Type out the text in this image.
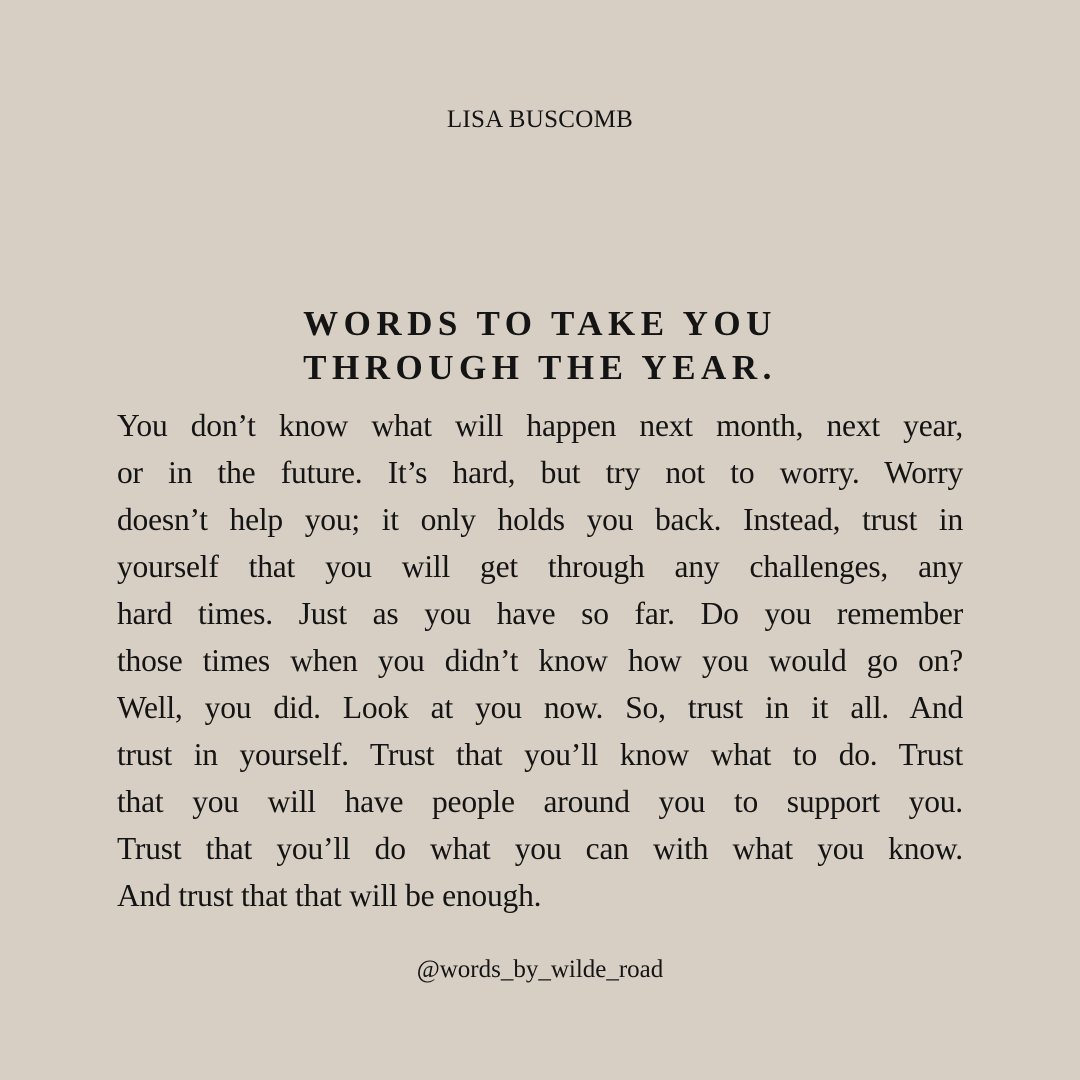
LISA BUSCOMB
WORDS TO TAKE YOU
THROUGH THE YEAR.
You don’t know what will happen next month, next year,
or in the future. It’s hard, but try not to worry. Worry
doesn’t help you; it only holds you back. Instead, trust in
yourself that you will get through any challenges, any
hard times. Just as you have so far. Do you remember
those times when you didn’t know how you would go on?
Well, you did. Look at you now. So, trust in it all. And
trust in yourself. Trust that you’ll know what to do. Trust
that you will have people around you to support you.
Trust that you’ll do what you can with what you know.
And trust that that will be enough.
@words_by_wilde_road
